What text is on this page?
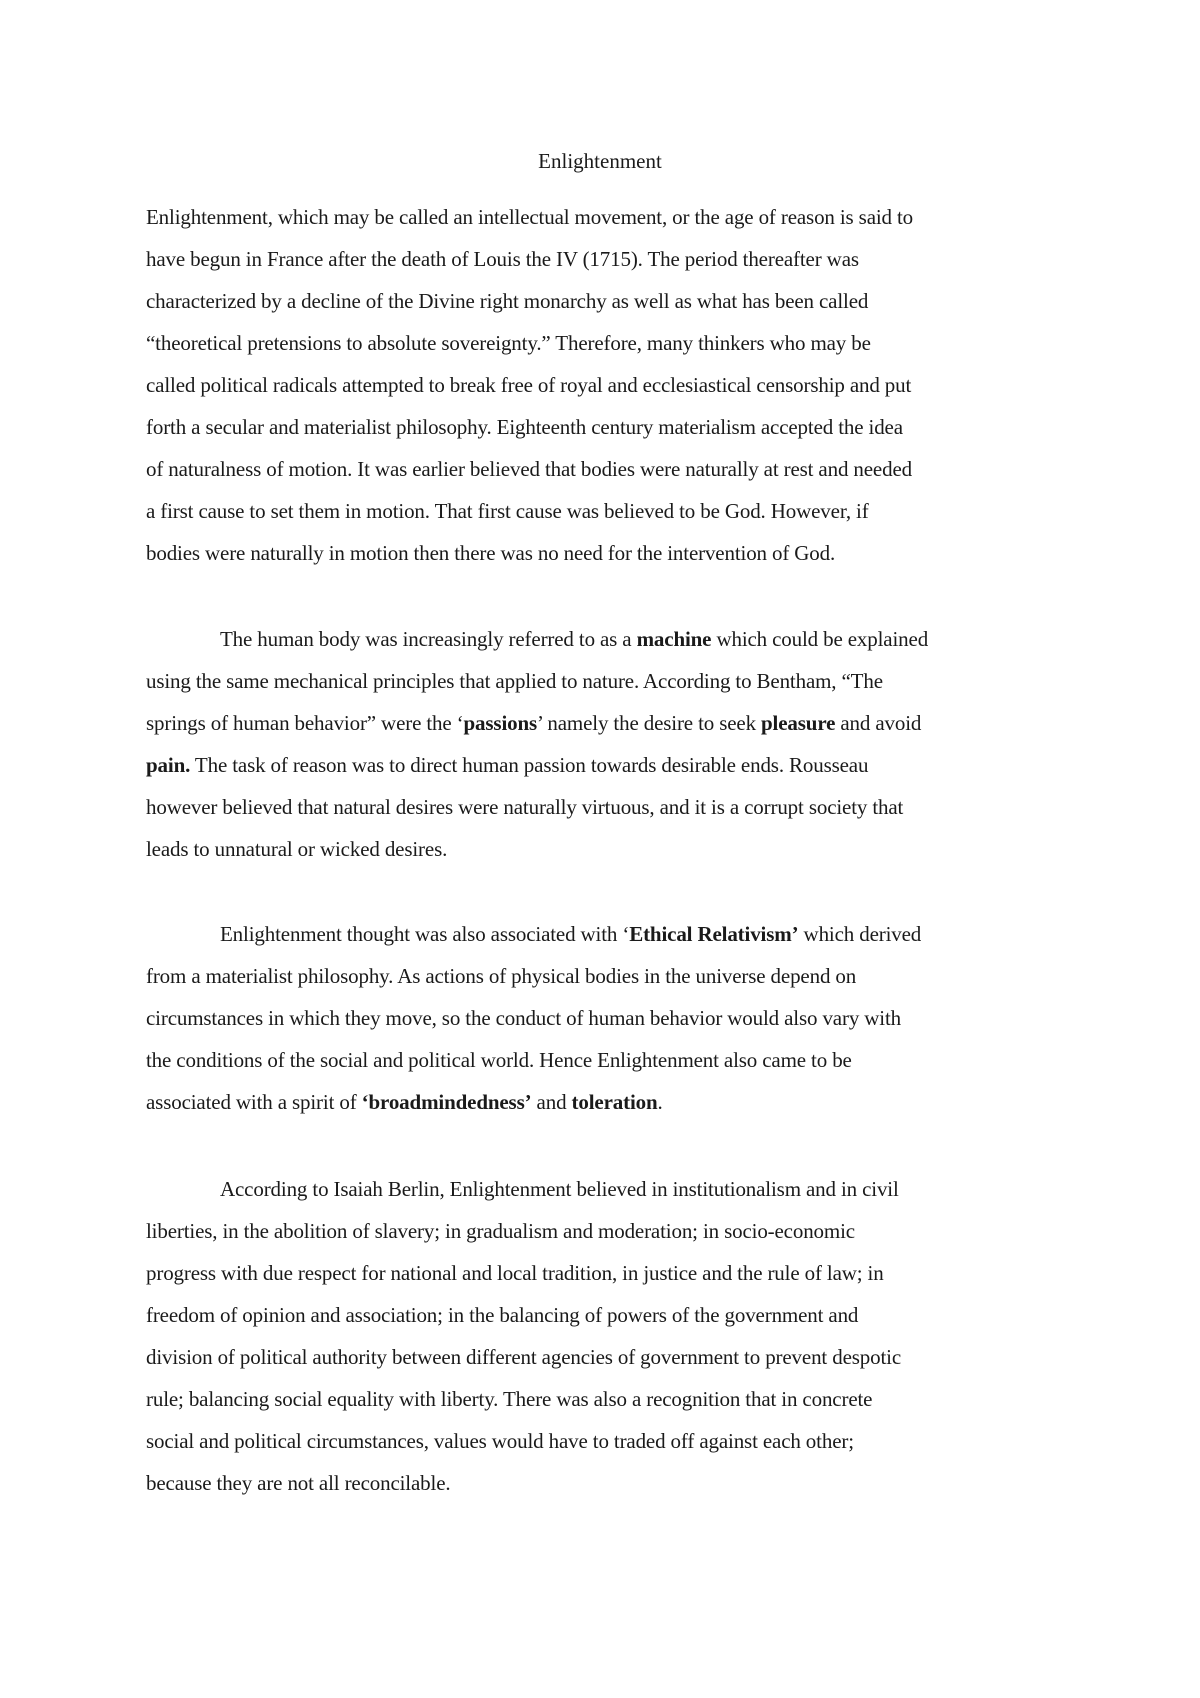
Enlightenment
Enlightenment, which may be called an intellectual movement, or the age of reason is said to
have begun in France after the death of Louis the IV (1715). The period thereafter was
characterized by a decline of the Divine right monarchy as well as what has been called
“theoretical pretensions to absolute sovereignty.” Therefore, many thinkers who may be
called political radicals attempted to break free of royal and ecclesiastical censorship and put
forth a secular and materialist philosophy. Eighteenth century materialism accepted the idea
of naturalness of motion. It was earlier believed that bodies were naturally at rest and needed
a first cause to set them in motion. That first cause was believed to be God. However, if
bodies were naturally in motion then there was no need for the intervention of God.
The human body was increasingly referred to as a machine which could be explained
using the same mechanical principles that applied to nature. According to Bentham, “The
springs of human behavior” were the ‘passions’ namely the desire to seek pleasure and avoid
pain. The task of reason was to direct human passion towards desirable ends. Rousseau
however believed that natural desires were naturally virtuous, and it is a corrupt society that
leads to unnatural or wicked desires.
Enlightenment thought was also associated with ‘Ethical Relativism’ which derived
from a materialist philosophy. As actions of physical bodies in the universe depend on
circumstances in which they move, so the conduct of human behavior would also vary with
the conditions of the social and political world. Hence Enlightenment also came to be
associated with a spirit of ‘broadmindedness’ and toleration.
According to Isaiah Berlin, Enlightenment believed in institutionalism and in civil
liberties, in the abolition of slavery; in gradualism and moderation; in socio-economic
progress with due respect for national and local tradition, in justice and the rule of law; in
freedom of opinion and association; in the balancing of powers of the government and
division of political authority between different agencies of government to prevent despotic
rule; balancing social equality with liberty. There was also a recognition that in concrete
social and political circumstances, values would have to traded off against each other;
because they are not all reconcilable.
